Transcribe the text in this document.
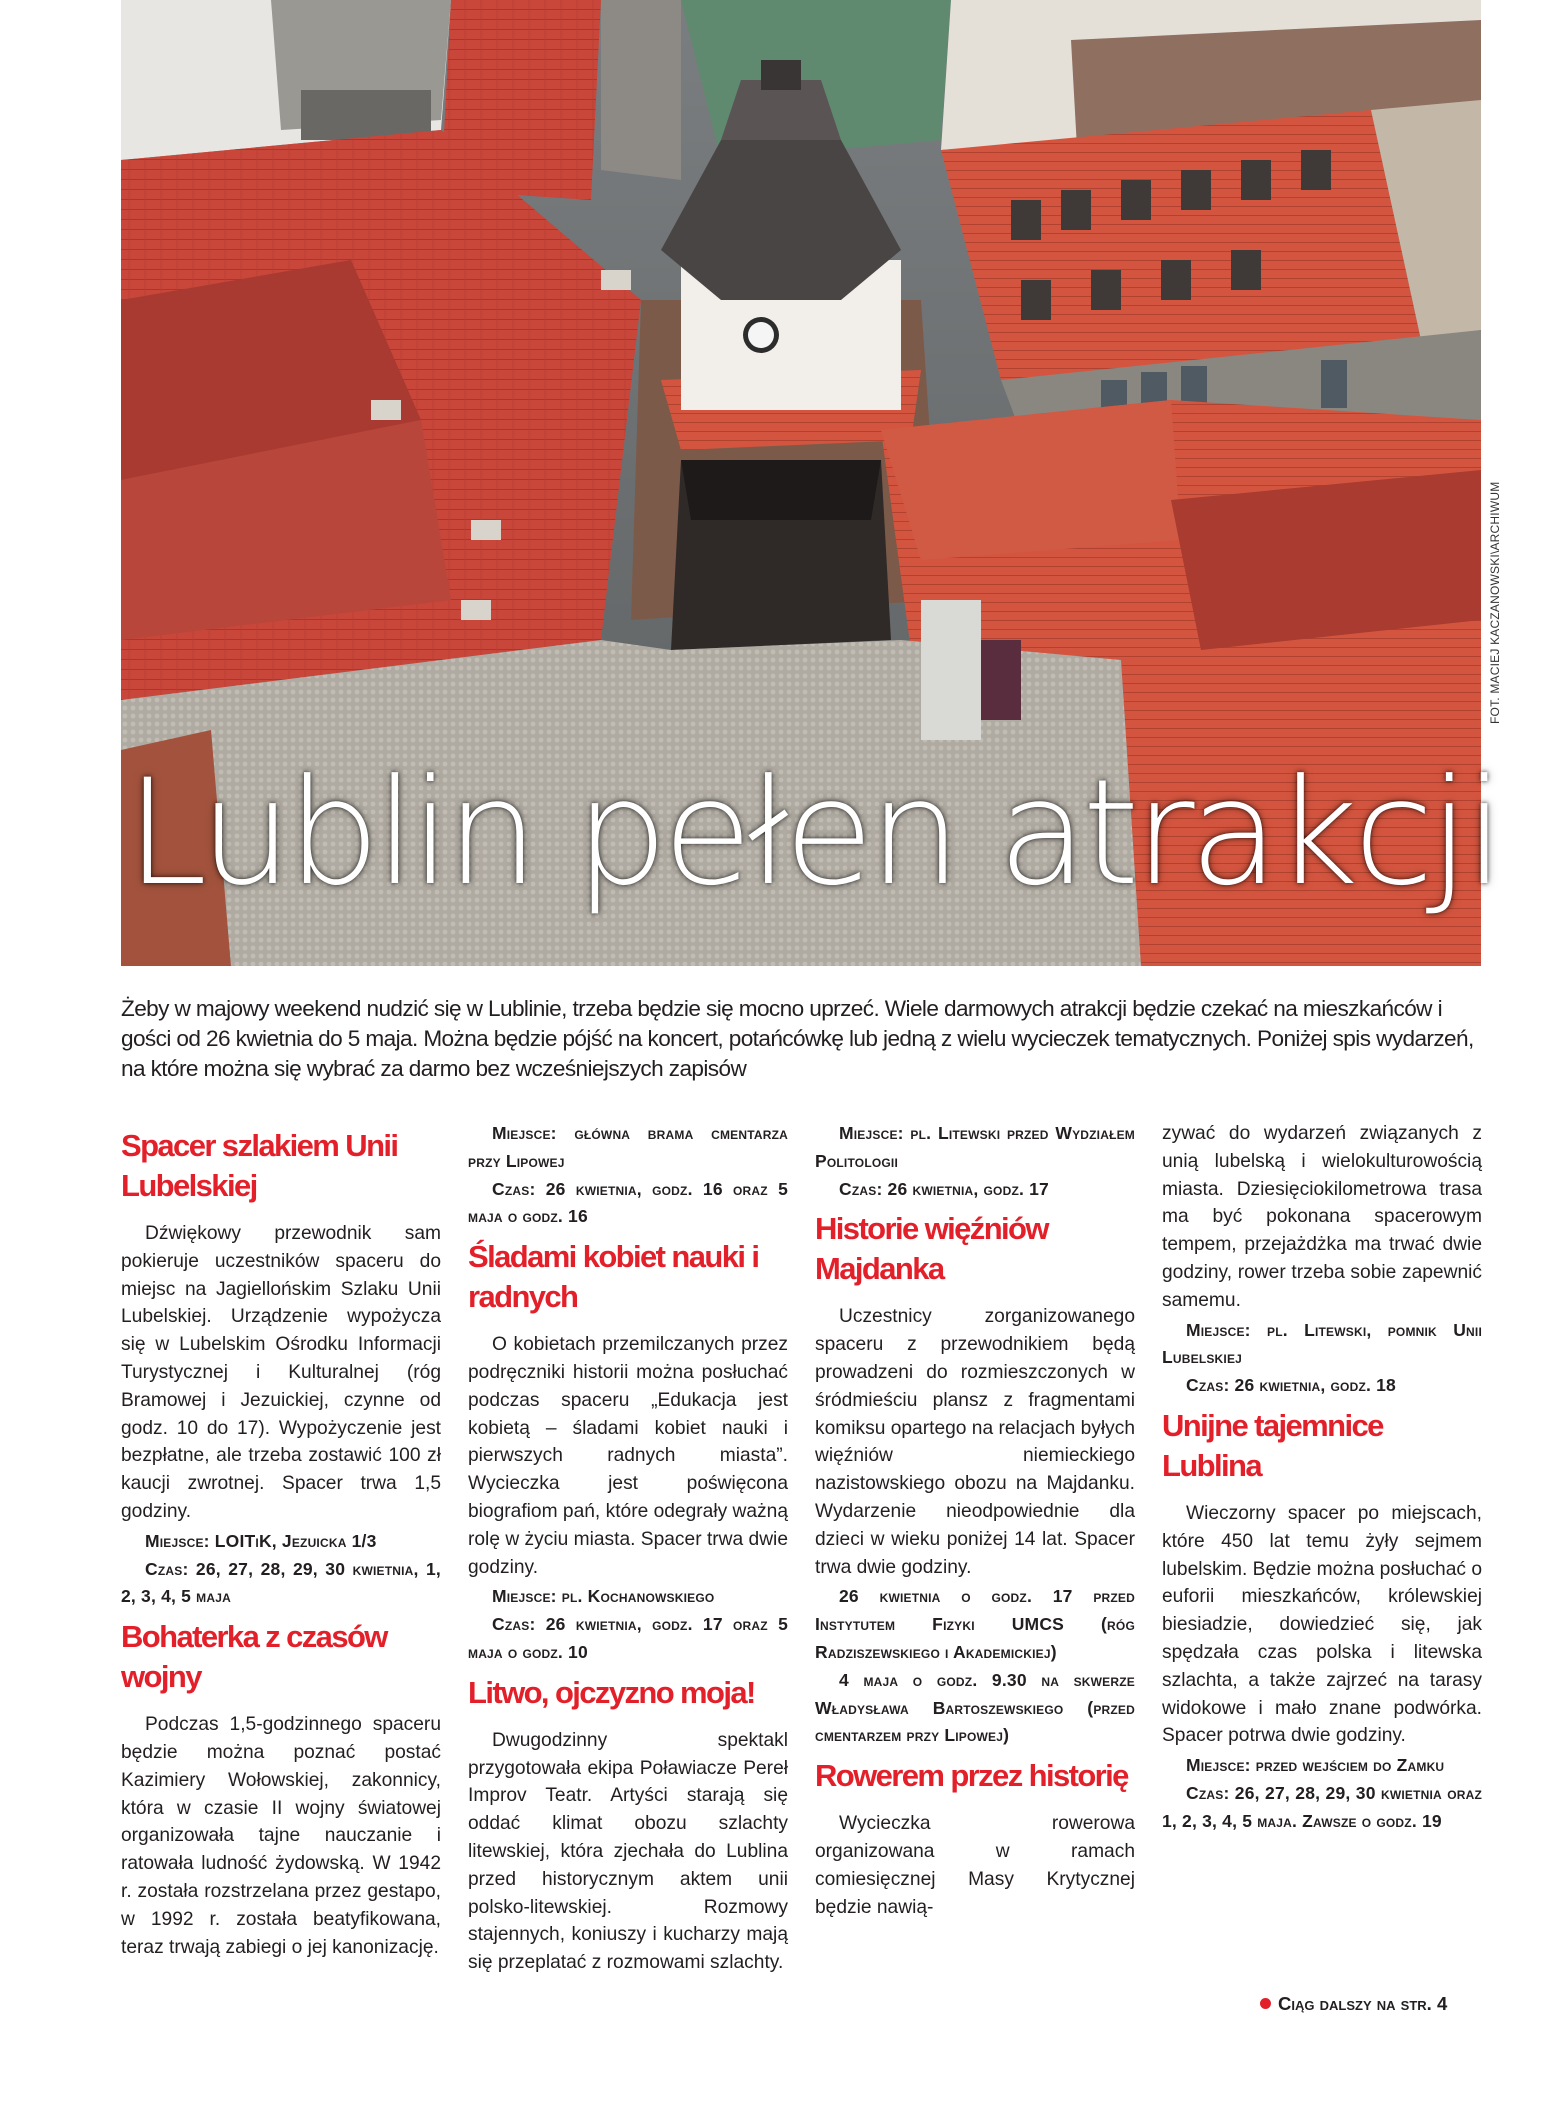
Lublin pełen atrakcji
FOT. MACIEJ KACZANOWSKI\ARCHIWUM

Żeby w majowy weekend nudzić się w Lublinie, trzeba będzie się mocno uprzeć. Wiele darmowych atrakcji będzie czekać na mieszkańców i gości od 26 kwietnia do 5 maja. Można będzie pójść na koncert, potańcówkę lub jedną z wielu wycieczek tematycznych. Poniżej spis wydarzeń, na które można się wybrać za darmo bez wcześniejszych zapisów

Spacer szlakiem Unii Lubelskiej

Dźwiękowy przewodnik sam pokieruje uczestników spaceru do miejsc na Jagiellońskim Szlaku Unii Lubelskiej. Urządzenie wypożycza się w Lubelskim Ośrodku Informacji Turystycznej i Kulturalnej (róg Bramowej i Jezuickiej, czynne od godz. 10 do 17). Wypożyczenie jest bezpłatne, ale trzeba zostawić 100 zł kaucji zwrotnej. Spacer trwa 1,5 godziny.

Miejsce: LOITiK, Jezuicka 1/3

Czas: 26, 27, 28, 29, 30 kwietnia, 1, 2, 3, 4, 5 maja

Bohaterka z czasów wojny

Podczas 1,5-godzinnego spaceru będzie można poznać postać Kazimiery Wołowskiej, zakonnicy, która w czasie II wojny światowej organizowała tajne nauczanie i ratowała ludność żydowską. W 1942 r. została rozstrzelana przez gestapo, w 1992 r. została beatyfikowana, teraz trwają zabiegi o jej kanonizację.

Miejsce: główna brama cmentarza przy Lipowej

Czas: 26 kwietnia, godz. 16 oraz 5 maja o godz. 16

Śladami kobiet nauki i radnych

O kobietach przemilczanych przez podręczniki historii można posłuchać podczas spaceru „Edukacja jest kobietą – śladami kobiet nauki i pierwszych radnych miasta”. Wycieczka jest poświęcona biografiom pań, które odegrały ważną rolę w życiu miasta. Spacer trwa dwie godziny.

Miejsce: pl. Kochanowskiego

Czas: 26 kwietnia, godz. 17 oraz 5 maja o godz. 10

Litwo, ojczyzno moja!

Dwugodzinny spektakl przygotowała ekipa Poławiacze Pereł Improv Teatr. Artyści starają się oddać klimat obozu szlachty litewskiej, która zjechała do Lublina przed historycznym aktem unii polsko-litewskiej. Rozmowy stajennych, koniuszy i kucharzy mają się przeplatać z rozmowami szlachty.

Miejsce: pl. Litewski przed Wydziałem Politologii

Czas: 26 kwietnia, godz. 17

Historie więźniów Majdanka

Uczestnicy zorganizowanego spaceru z przewodnikiem będą prowadzeni do rozmieszczonych w śródmieściu plansz z fragmentami komiksu opartego na relacjach byłych więźniów niemieckiego nazistowskiego obozu na Majdanku. Wydarzenie nieodpowiednie dla dzieci w wieku poniżej 14 lat. Spacer trwa dwie godziny.

26 kwietnia o godz. 17 przed Instytutem Fizyki UMCS (róg Radziszewskiego i Akademickiej)

4 maja o godz. 9.30 na skwerze Władysława Bartoszewskiego (przed cmentarzem przy Lipowej)

Rowerem przez historię

Wycieczka rowerowa organizowana w ramach comiesięcznej Masy Krytycznej będzie nawią-

zywać do wydarzeń związanych z unią lubelską i wielokulturowością miasta. Dziesięciokilometrowa trasa ma być pokonana spacerowym tempem, przejażdżka ma trwać dwie godziny, rower trzeba sobie zapewnić samemu.

Miejsce: pl. Litewski, pomnik Unii Lubelskiej

Czas: 26 kwietnia, godz. 18

Unijne tajemnice Lublina

Wieczorny spacer po miejscach, które 450 lat temu żyły sejmem lubelskim. Będzie można posłuchać o euforii mieszkańców, królewskiej biesiadzie, dowiedzieć się, jak spędzała czas polska i litewska szlachta, a także zajrzeć na tarasy widokowe i mało znane podwórka. Spacer potrwa dwie godziny.

Miejsce: przed wejściem do Zamku

Czas: 26, 27, 28, 29, 30 kwietnia oraz 1, 2, 3, 4, 5 maja. Zawsze o godz. 19

Ciąg dalszy na str. 4
